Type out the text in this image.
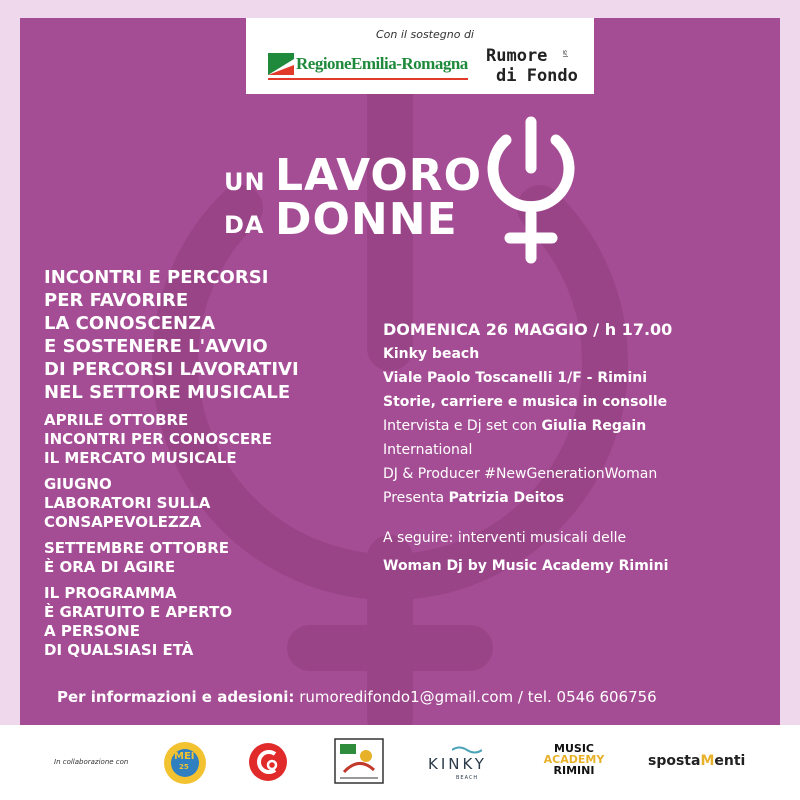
Con il sostegno di
RegioneEmilia-Romagna Rumore
di Fondo
srl
UN LAVORO
DA DONNE
INCONTRI E PERCORSI
PER FAVORIRE
LA CONOSCENZA
E SOSTENERE L'AVVIO
DI PERCORSI LAVORATIVI
NEL SETTORE MUSICALE
APRILE OTTOBRE
INCONTRI PER CONOSCERE
IL MERCATO MUSICALE
GIUGNO
LABORATORI SULLA
CONSAPEVOLEZZA
SETTEMBRE OTTOBRE
È ORA DI AGIRE
IL PROGRAMMA
È GRATUITO E APERTO
A PERSONE
DI QUALSIASI ETÀ
DOMENICA 26 MAGGIO / h 17.00
Kinky beach
Viale Paolo Toscanelli 1/F - Rimini
Storie, carriere e musica in consolle
Intervista e Dj set con Giulia Regain
International
DJ & Producer #NewGenerationWoman
Presenta Patrizia Deitos
A seguire: interventi musicali delle
Woman Dj by Music Academy Rimini
Per informazioni e adesioni: rumoredifondo1@gmail.com / tel. 0546 606756
In collaborazione con	MEI
25	KINKY
BEACH
MUSIC
ACADEMY
RIMINI
spostaMenti
